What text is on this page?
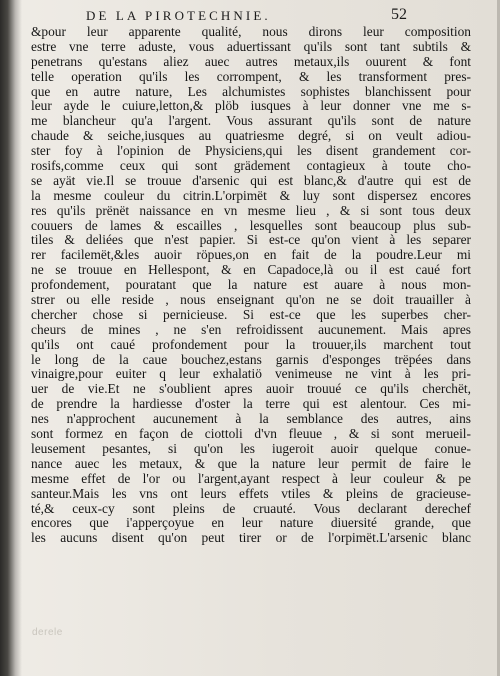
DE LA PIROTECHNIE.	52
&pour leur apparente qualité, nous dirons leur composition
estre vne terre aduste, vous aduertissant qu'ils sont tant subtils &
penetrans qu'estans aliez auec autres metaux,ils ouurent & font
telle operation qu'ils les corrompent, & les transforment pres-
que en autre nature, Les alchumistes sophistes blanchissent pour
leur ayde le cuiure,letton,& plöb iusques à leur donner vne me s-
me blancheur qu'a l'argent. Vous assurant qu'ils sont de nature
chaude & seiche,iusques au quatriesme degré, si on veult adiou-
ster foy à l'opinion de Physiciens,qui les disent grandement cor-
rosifs,comme ceux qui sont grädement contagieux à toute cho-
se ayät vie.Il se trouue d'arsenic qui est blanc,& d'autre qui est de
la mesme couleur du citrin.L'orpimët & luy sont dispersez encores
res qu'ils prënët naissance en vn mesme lieu , & si sont tous deux
couuers de lames & escailles , lesquelles sont beaucoup plus sub-
tiles & deliées que n'est papier. Si est-ce qu'on vient à les separer
rer facilemët,&les auoir röpues,on en fait de la poudre.Leur mi
ne se trouue en Hellespont, & en Capadoce,là ou il est caué fort
profondement, pouratant que la nature est auare à nous mon-
strer ou elle reside , nous enseignant qu'on ne se doit trauailler à
chercher chose si pernicieuse. Si est-ce que les superbes cher-
cheurs de mines , ne s'en refroidissent aucunement. Mais apres
qu'ils ont caué profondement pour la trouuer,ils marchent tout
le long de la caue bouchez,estans garnis d'esponges trëpées dans
vinaigre,pour euiter q leur exhalatiö venimeuse ne vint à les pri-
uer de vie.Et ne s'oublient apres auoir trouué ce qu'ils cherchët,
de prendre la hardiesse d'oster la terre qui est alentour. Ces mi-
nes n'approchent aucunement à la semblance des autres, ains
sont formez en façon de ciottoli d'vn fleuue , & si sont merueil-
leusement pesantes, si qu'on les iugeroit auoir quelque conue-
nance auec les metaux, & que la nature leur permit de faire le
mesme effet de l'or ou l'argent,ayant respect à leur couleur & pe
santeur.Mais les vns ont leurs effets vtiles & pleins de gracieuse-
té,& ceux-cy sont pleins de cruauté. Vous declarant derechef
encores que i'apperçoyue en leur nature diuersité grande, que
les aucuns disent qu'on peut tirer or de l'orpimët.L'arsenic blanc
derele
